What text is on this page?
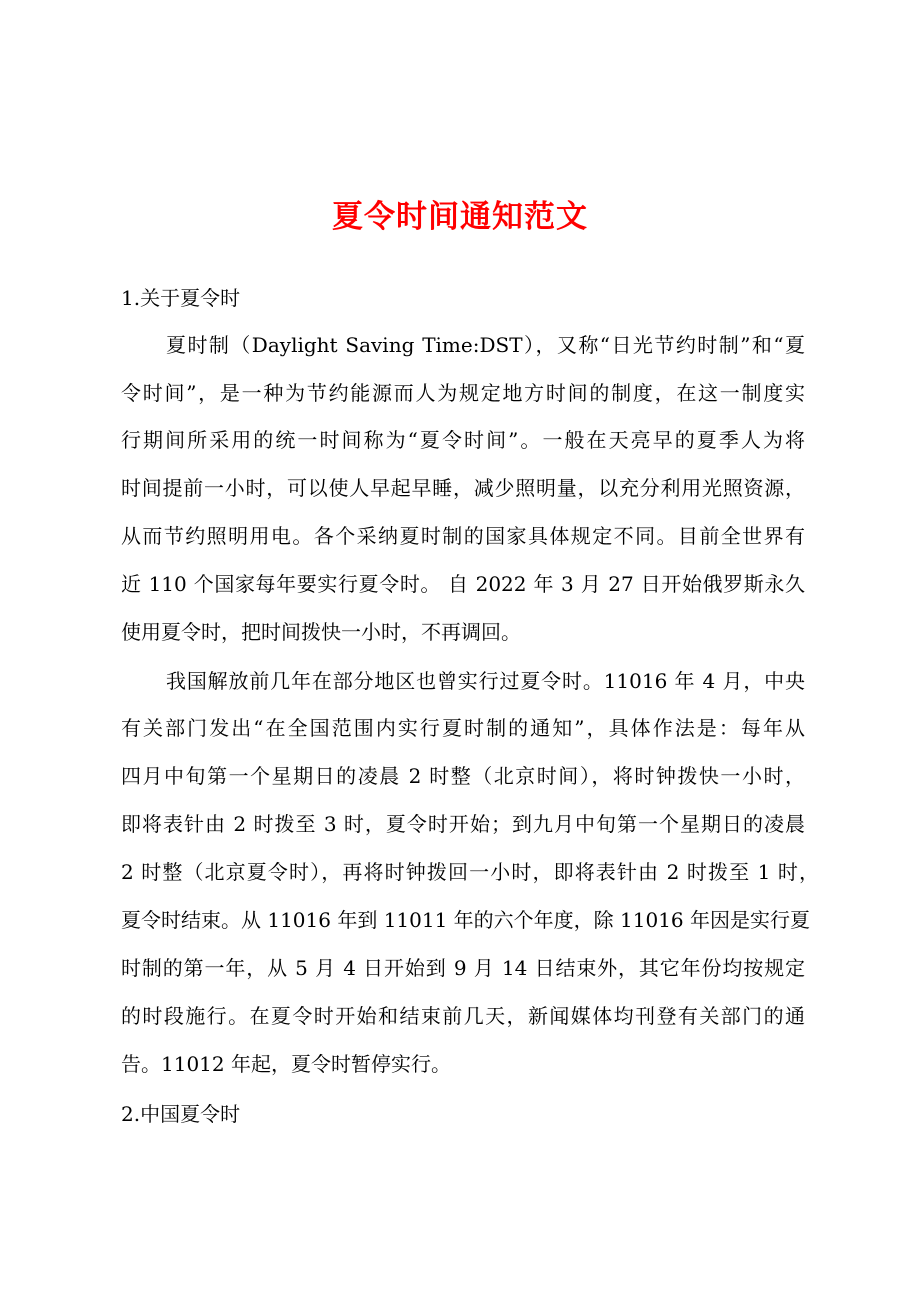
夏令时间通知范文
1.关于夏令时
夏时制（Daylight Saving Time:DST），又称“日光节约时制”和“夏
令时间”，是一种为节约能源而人为规定地方时间的制度，在这一制度实
行期间所采用的统一时间称为“夏令时间”。一般在天亮早的夏季人为将
时间提前一小时，可以使人早起早睡，减少照明量，以充分利用光照资源，
从而节约照明用电。各个采纳夏时制的国家具体规定不同。目前全世界有
近 110 个国家每年要实行夏令时。 自 2022 年 3 月 27 日开始俄罗斯永久
使用夏令时，把时间拨快一小时，不再调回。
我国解放前几年在部分地区也曾实行过夏令时。11016 年 4 月，中央
有关部门发出“在全国范围内实行夏时制的通知”，具体作法是：每年从
四月中旬第一个星期日的凌晨 2 时整（北京时间），将时钟拨快一小时，
即将表针由 2 时拨至 3 时，夏令时开始；到九月中旬第一个星期日的凌晨
2 时整（北京夏令时），再将时钟拨回一小时，即将表针由 2 时拨至 1 时，
夏令时结束。从 11016 年到 11011 年的六个年度，除 11016 年因是实行夏
时制的第一年，从 5 月 4 日开始到 9 月 14 日结束外，其它年份均按规定
的时段施行。在夏令时开始和结束前几天，新闻媒体均刊登有关部门的通
告。11012 年起，夏令时暂停实行。
2.中国夏令时
